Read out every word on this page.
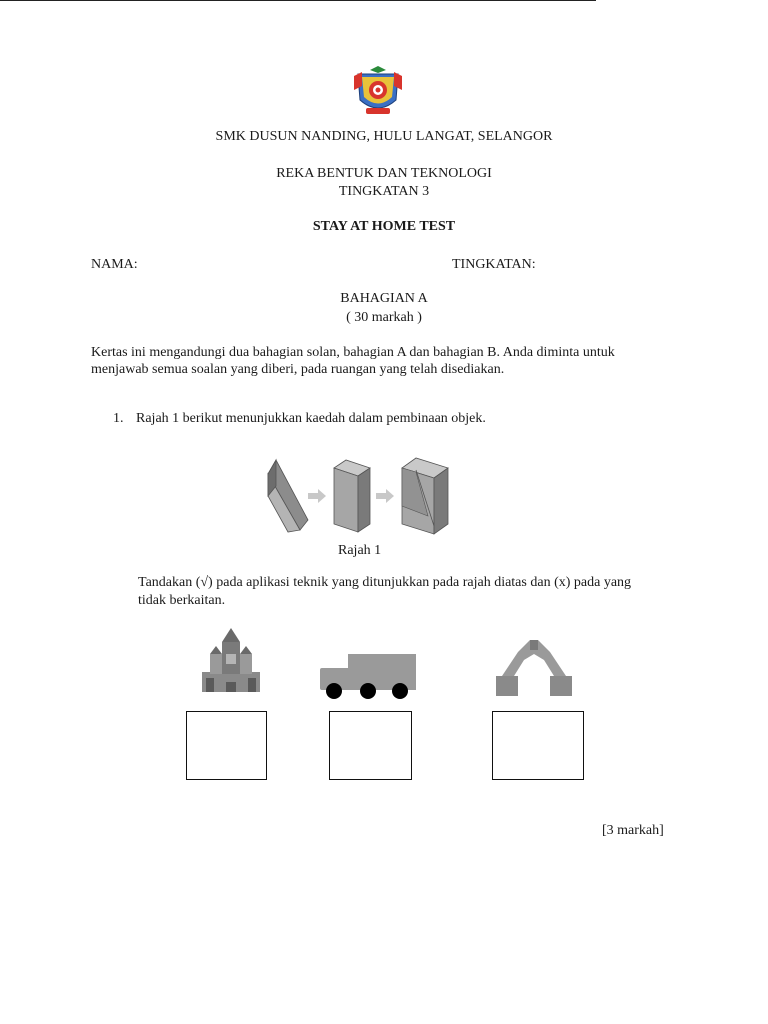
SMK DUSUN NANDING, HULU LANGAT, SELANGOR
REKA BENTUK DAN TEKNOLOGI
TINGKATAN 3
STAY AT HOME TEST
NAMA:	TINGKATAN:
BAHAGIAN A
( 30 markah )
Kertas ini mengandungi dua bahagian solan, bahagian A dan bahagian B. Anda diminta untuk
menjawab semua soalan yang diberi, pada ruangan yang telah disediakan.
1. Rajah 1 berikut menunjukkan kaedah dalam pembinaan objek.
Rajah 1
Tandakan (√) pada aplikasi teknik yang ditunjukkan pada rajah diatas dan (x) pada yang
tidak berkaitan.
[3 markah]
